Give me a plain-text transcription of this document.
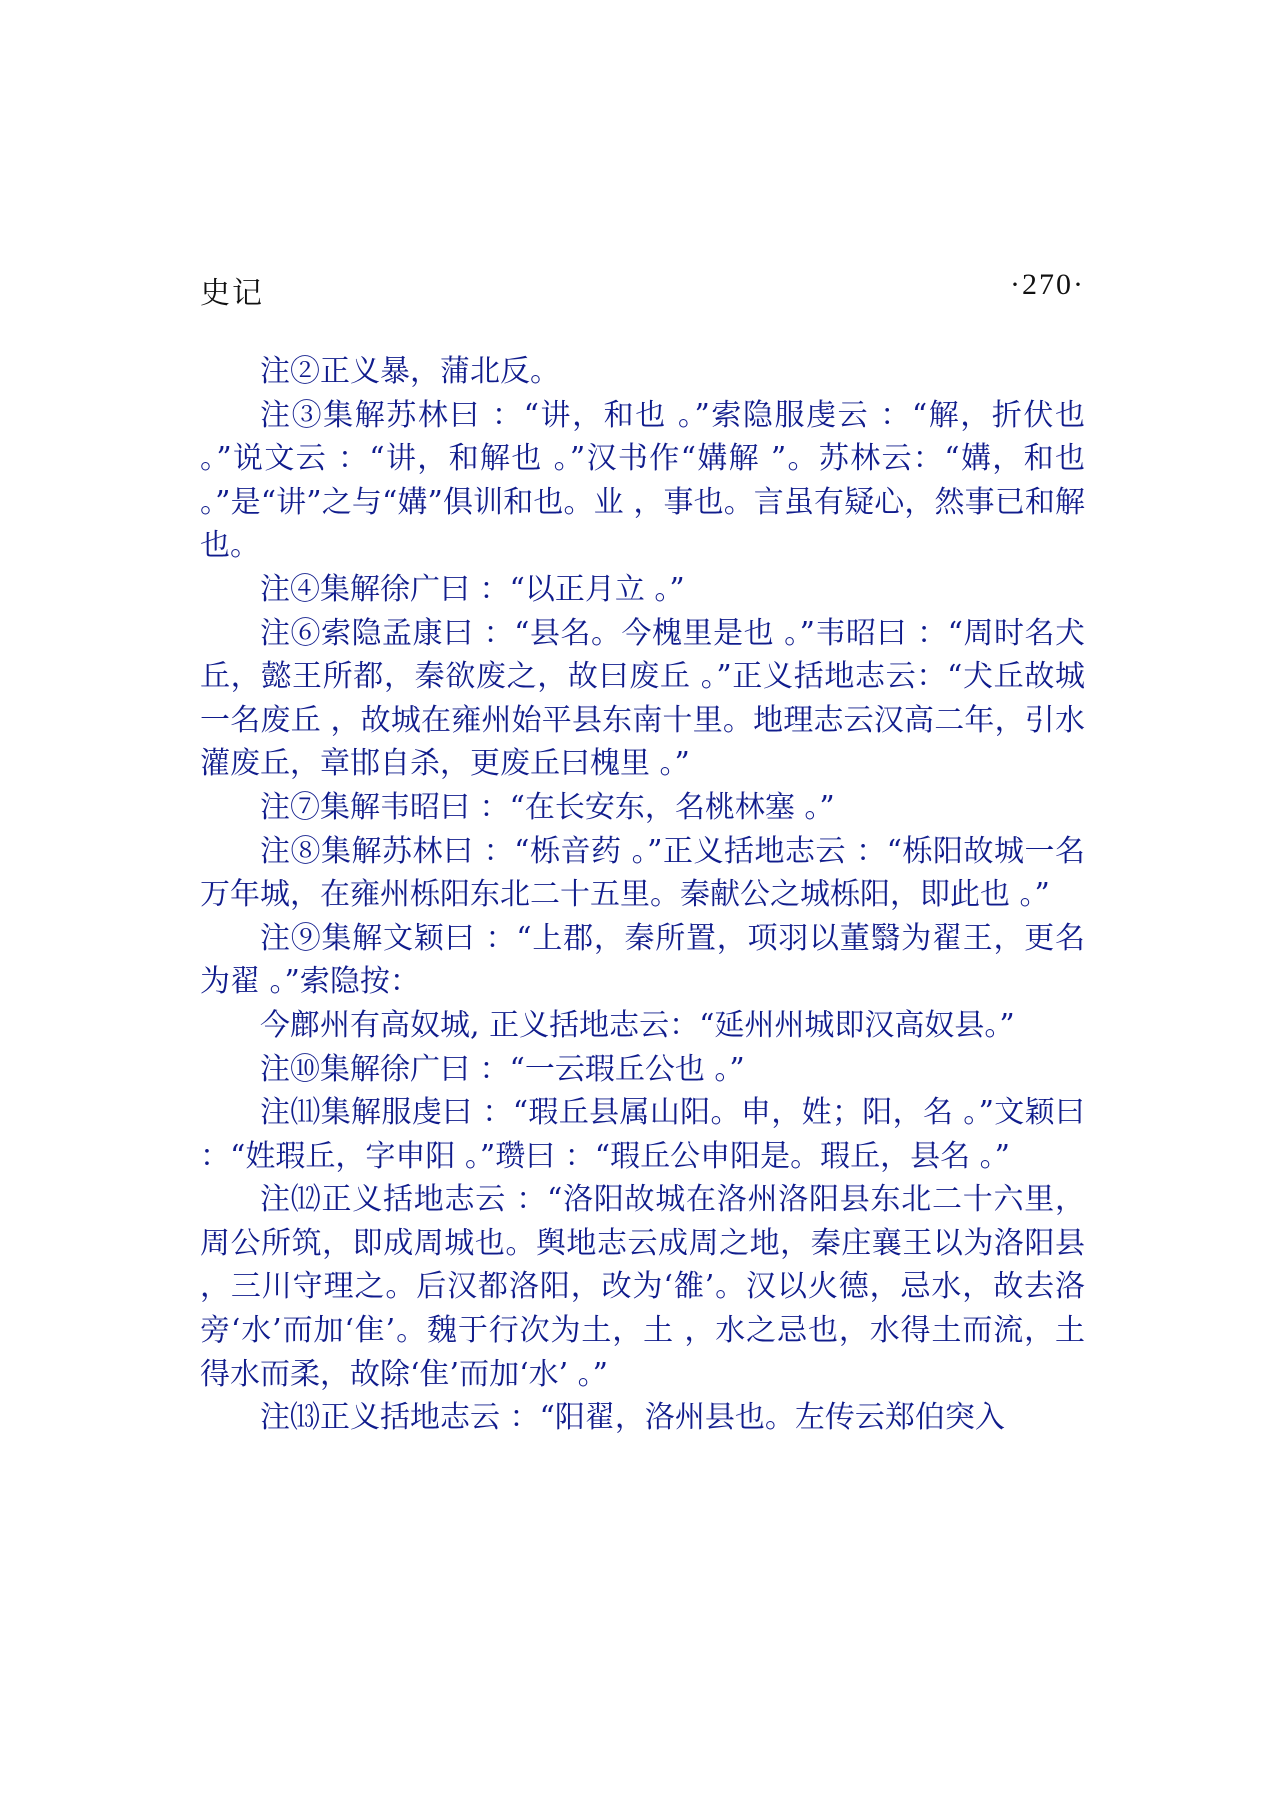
史记	·270·

注②正义暴，蒲北反。

注③集解苏林曰 ：“讲，和也 。”索隐服虔云 ：“解，折伏也 。”说文云 ：“讲，和解也 。”汉书作“媾解 ”。苏林云：“媾，和也 。”是“讲”之与“媾”俱训和也。业 ，事也。言虽有疑心，然事已和解也。

注④集解徐广曰 ：“以正月立 。”

注⑥索隐孟康曰 ：“县名。今槐里是也 。”韦昭曰 ：“周时名犬丘，懿王所都，秦欲废之，故曰废丘 。”正义括地志云：“犬丘故城一名废丘 ，故城在雍州始平县东南十里。地理志云汉高二年，引水灌废丘，章邯自杀，更废丘曰槐里 。”

注⑦集解韦昭曰 ：“在长安东，名桃林塞 。”

注⑧集解苏林曰 ：“栎音药 。”正义括地志云 ：“栎阳故城一名万年城，在雍州栎阳东北二十五里。秦献公之城栎阳，即此也 。”

注⑨集解文颖曰 ：“上郡，秦所置，项羽以董翳为翟王，更名为翟 。”索隐按：

今鄜州有高奴城, 正义括地志云：“延州州城即汉高奴县。”

注⑩集解徐广曰 ：“一云瑕丘公也 。”

注⑾集解服虔曰 ：“瑕丘县属山阳。申，姓；阳，名 。”文颖曰 ：“姓瑕丘，字申阳 。”瓒曰 ：“瑕丘公申阳是。瑕丘，县名 。”

注⑿正义括地志云 ：“洛阳故城在洛州洛阳县东北二十六里，周公所筑，即成周城也。舆地志云成周之地，秦庄襄王以为洛阳县 ，三川守理之。后汉都洛阳，改为‘雒’。汉以火德，忌水，故去洛旁‘水’而加‘隹’。魏于行次为土，土 ，水之忌也，水得土而流，土得水而柔，故除‘隹’而加‘水’ 。”

注⒀正义括地志云 ：“阳翟，洛州县也。左传云郑伯突入
